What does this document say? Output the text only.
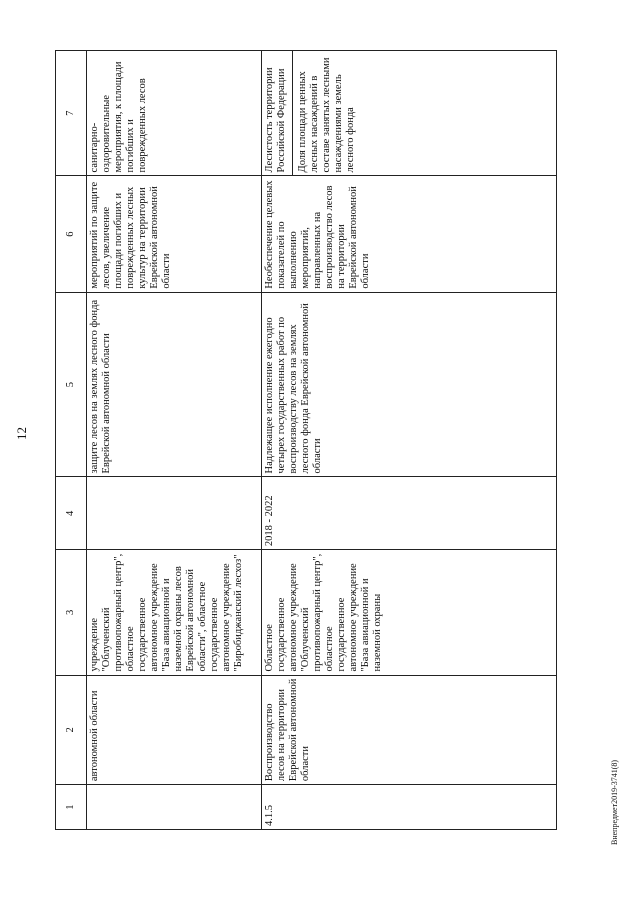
12
1	2	3	4	5	6	7
	автономной области	учреждение "Облученский противопожарный центр", областное государственное автономное учреждение "База авиационной и наземной охраны лесов Еврейской автономной области", областное государственное автономное учреждение "Биробиджанский лесхоз"		защите лесов на землях лесного фонда Еврейской автономной области	мероприятий по защите лесов, увеличение площади погибших и поврежденных лесных культур на территории Еврейской автономной области	санитарно-оздоровительные мероприятия, к площади погибших и поврежденных лесов
4.1.5	Воспроизводство лесов на территории Еврейской автономной области	Областное государственное автономное учреждение "Облученский противопожарный центр", областное государственное автономное учреждение "База авиационной и наземной охраны	2018 - 2022	Надлежащее исполнение ежегодно четырех государственных работ по воспроизводству лесов на землях лесного фонда Еврейской автономной области	Необеспечение целевых показателей по выполнению мероприятий, направленных на воспроизводство лесов на территории Еврейской автономной области	Лесистость территории Российской Федерации Доля площади ценных лесных насаждений в составе занятых лесными насаждениями земель лесного фонда
Внепредмет2019-3741(8)
